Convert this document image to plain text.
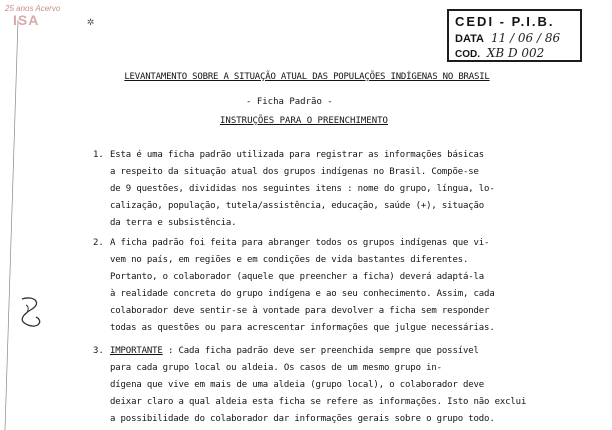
25 anos Acervo
ISA	✲	CEDI - P.I.B.
DATA 11 / 06 / 86
COD. XB D 002
LEVANTAMENTO SOBRE A SITUAÇÃO ATUAL DAS POPULAÇÕES INDÍGENAS NO BRASIL
- Ficha Padrão -
INSTRUÇÕES PARA O PREENCHIMENTO
1. Esta é uma ficha padrão utilizada para registrar as informações básicas
a respeito da situação atual dos grupos indígenas no Brasil. Compõe-se
de 9 questões, divididas nos seguintes itens : nome do grupo, língua, lo-
calização, população, tutela/assistência, educação, saúde (+), situação
da terra e subsistência.
2. A ficha padrão foi feita para abranger todos os grupos indígenas que vi-
vem no país, em regiões e em condições de vida bastantes diferentes.
Portanto, o colaborador (aquele que preencher a ficha) deverá adaptá-la
à realidade concreta do grupo indígena e ao seu conhecimento. Assim, cada
colaborador deve sentir-se à vontade para devolver a ficha sem responder
todas as questões ou para acrescentar informações que julgue necessárias.
3. IMPORTANTE : Cada ficha padrão deve ser preenchida sempre que possível
para cada grupo local ou aldeia. Os casos de um mesmo grupo in-
dígena que vive em mais de uma aldeia (grupo local), o colaborador deve
deixar claro a qual aldeia esta ficha se refere as informações. Isto não exclui
a possibilidade do colaborador dar informações gerais sobre o grupo todo.
